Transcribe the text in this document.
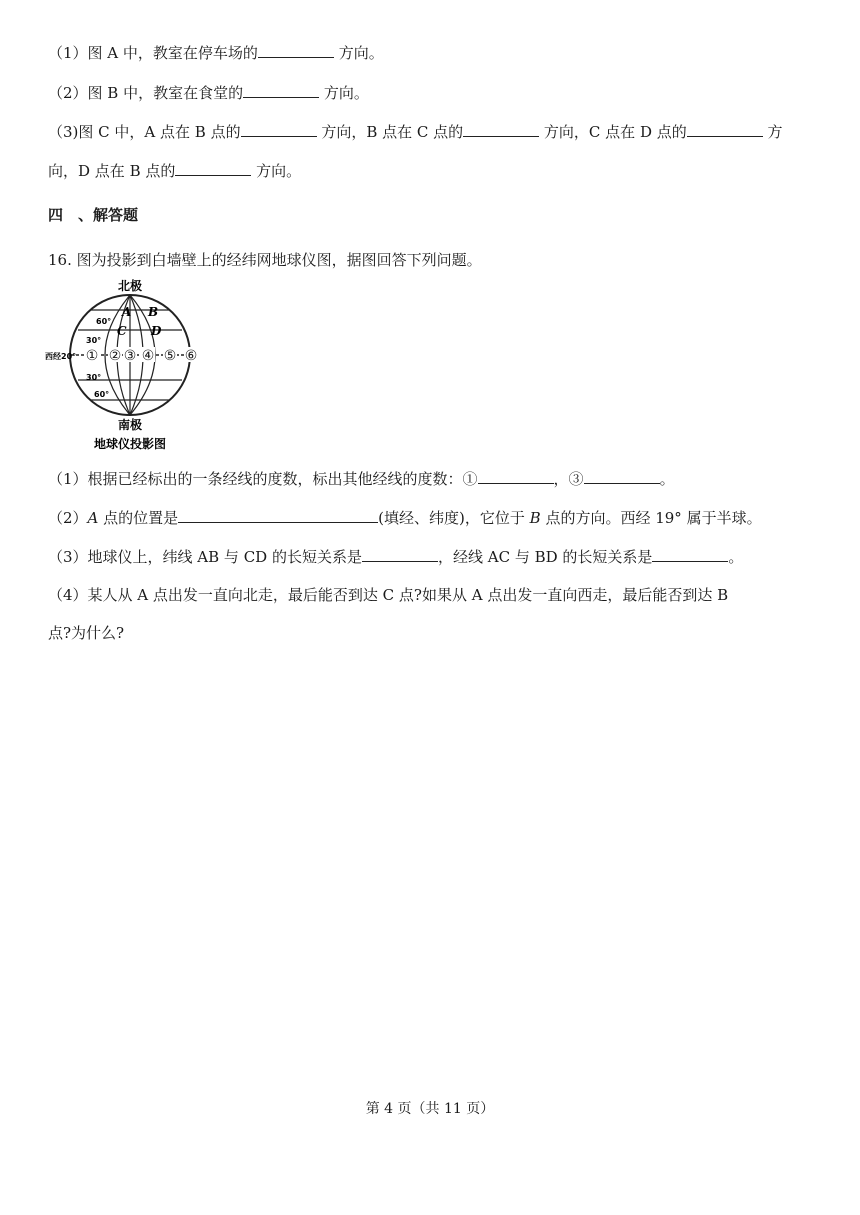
（1）图 A 中，教室在停车场的	方向。
（2）图 B 中，教室在食堂的	方向。
（3)图 C 中，A 点在 B 点的	方向，B 点在 C 点的	方向，C 点在 D 点的	方
向，D 点在 B 点的	方向。
四　、解答题
16. 图为投影到白墙壁上的经纬网地球仪图，据图回答下列问题。
北极
60°
30°
30°
60°
西经20°
A B
C D
① ② ③ ④ ⑤ ⑥
南极
地球仪投影图
（1）根据已经标出的一条经线的度数，标出其他经线的度数：①	，③	。
（2）A 点的位置是	(填经、纬度)，它位于 B 点的方向。西经 19° 属于半球。
（3）地球仪上，纬线 AB 与 CD 的长短关系是	，经线 AC 与 BD 的长短关系是	。
（4）某人从 A 点出发一直向北走，最后能否到达 C 点?如果从 A 点出发一直向西走，最后能否到达 B
点?为什么?
第 4 页（共 11 页）
